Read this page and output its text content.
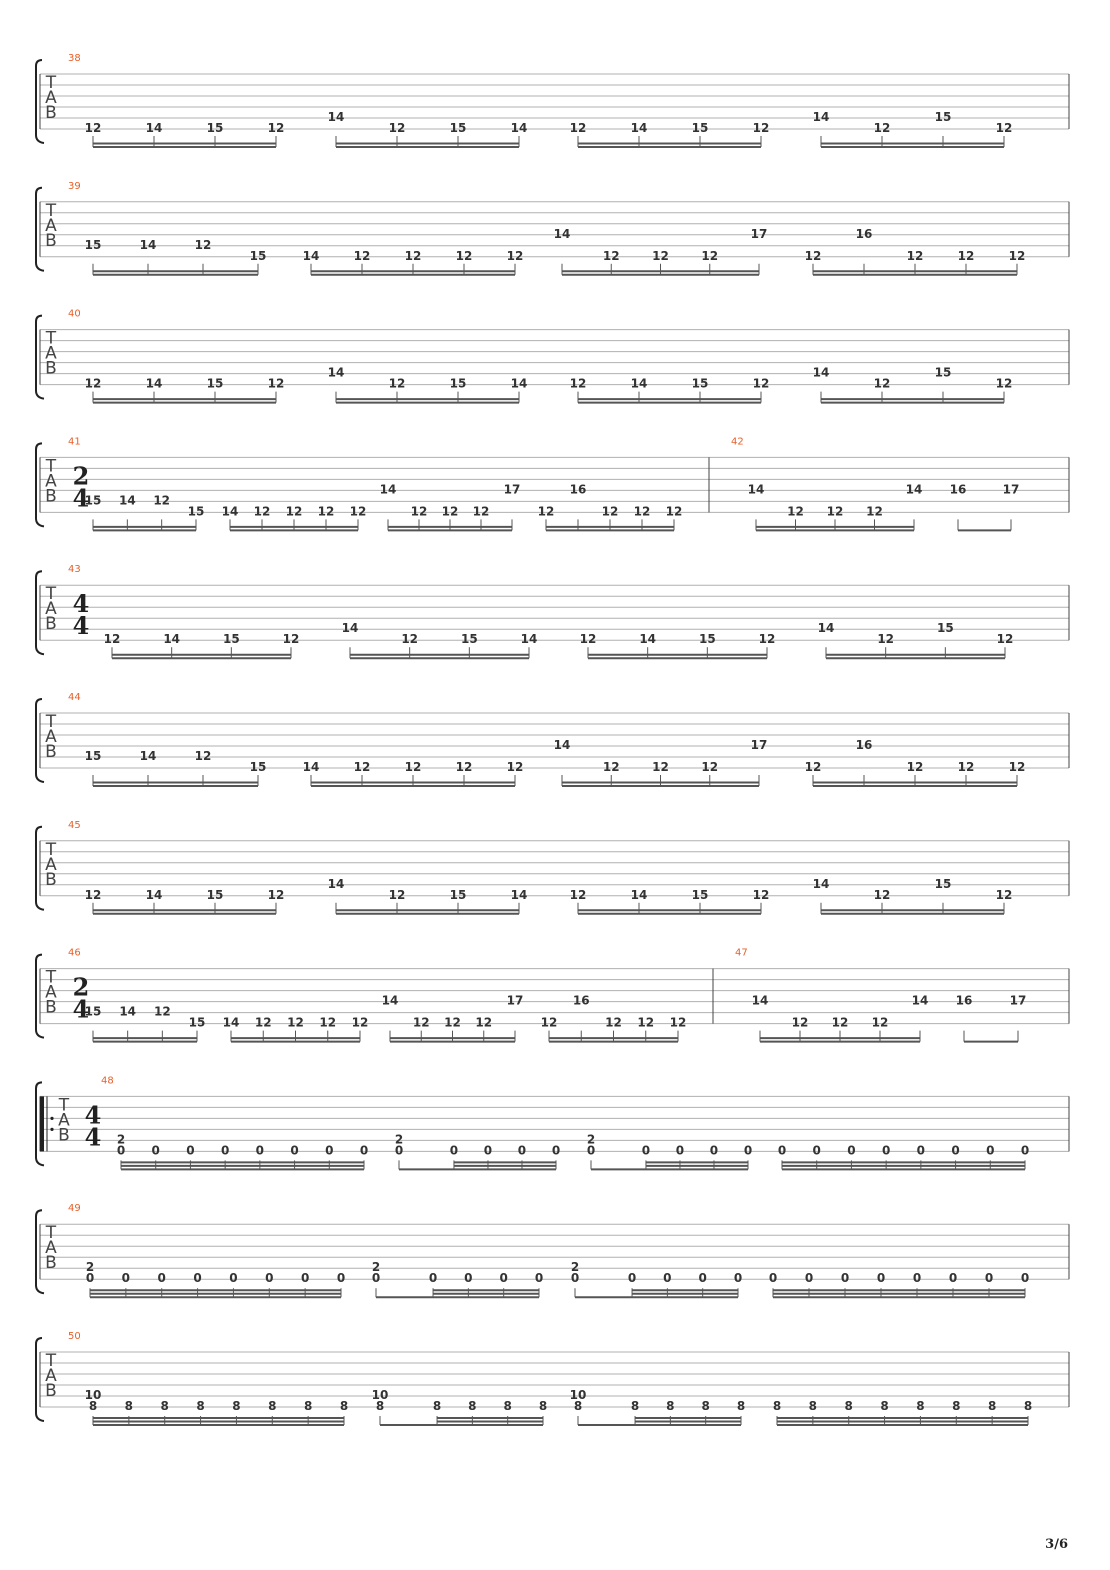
T
A
B
38
12	14	15	12
14
12	15	14	12	14	15	12
14
12
15
12
T
A
B
39
15	14	12
15	14	12	12	12	12
14
12	12	12
17
12
16
12	12	12
T
A
B
40
12	14	15	12
14
12	15	14	12	14	15	12
14
12
15
12
T
A
B
41
15 14 12
15 14 12 12 12 12
14
12 12 12
17
12
16
12 12 12
42
2
4	14
12 12 12
14 16	17
T
A
B
43
4
4 12	14	15	12
14
12	15	14	12	14	15	12
14
12
15
12
T
A
B
44
15	14	12
15	14	12	12	12	12
14
12	12	12
17
12
16
12	12	12
T
A
B
45
12	14	15	12
14
12	15	14	12	14	15	12
14
12
15
12
T
A
B
46
15 14 12
15 14 12 12 12 12
14
12 12 12
17
12
16
12 12 12
47
2
4	14
12 12 12
14 16	17
T
A
B
48
4
4 2
0 0 0 0 0 0 0 0
2
0	0 0 0 0
2
0	0 0 0 0 0 0 0 0 0 0 0 0
T
A
B
49
2
0 0 0 0 0 0 0 0
2
0	0 0 0 0
2
0	0 0 0 0 0 0 0 0 0 0 0 0
T
A
B
50
10
8 8 8 8 8 8 8 8
10
8	8 8 8 8
10
8	8 8 8 8 8 8 8 8 8 8 8 8
3/6
